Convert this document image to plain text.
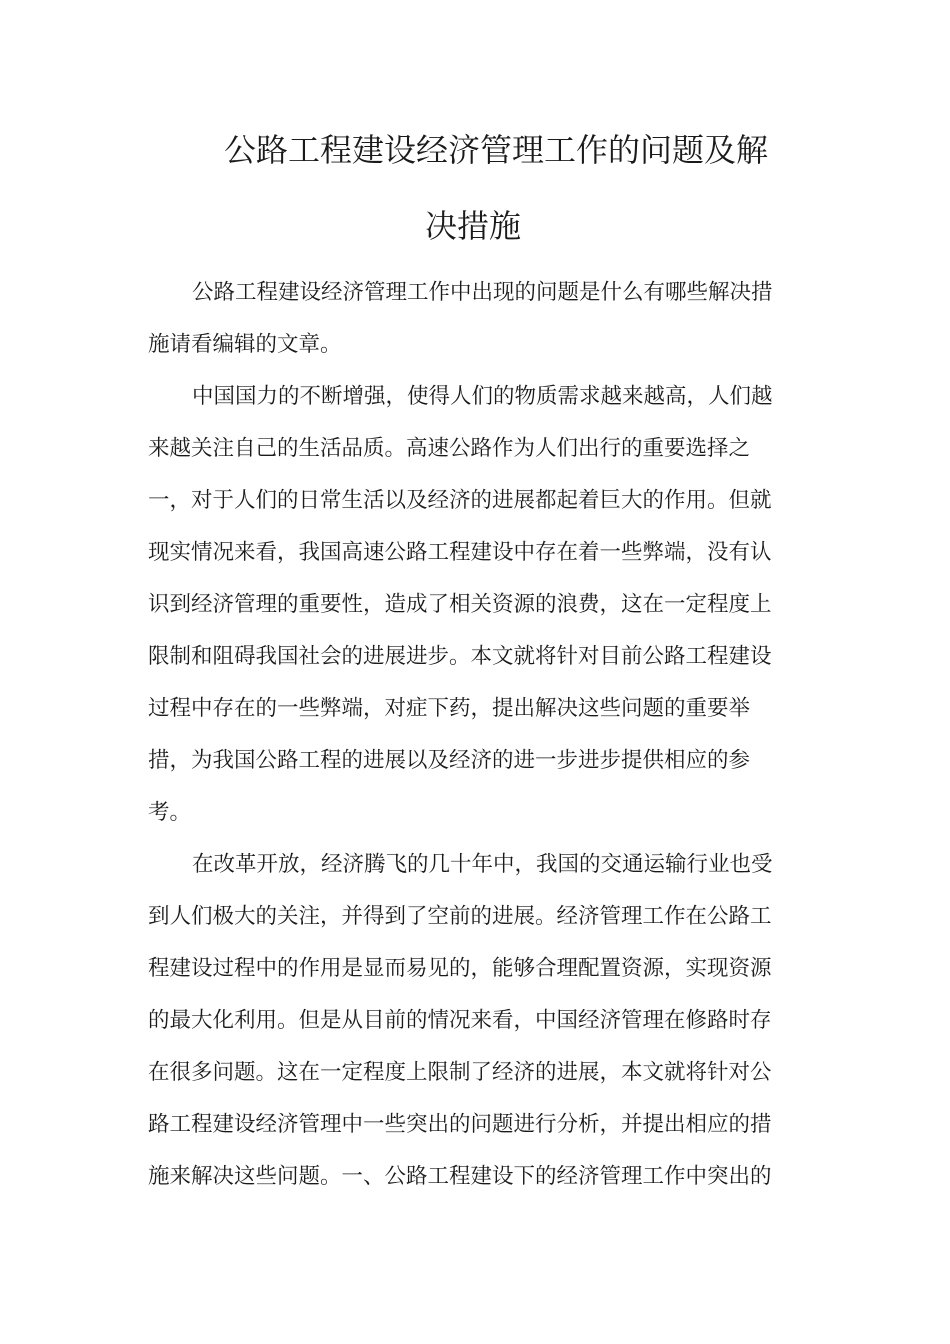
公路工程建设经济管理工作的问题及解
决措施

公路工程建设经济管理工作中出现的问题是什么有哪些解决措
施请看编辑的文章。

中国国力的不断增强，使得人们的物质需求越来越高，人们越
来越关注自己的生活品质。高速公路作为人们出行的重要选择之
一，对于人们的日常生活以及经济的进展都起着巨大的作用。但就
现实情况来看，我国高速公路工程建设中存在着一些弊端，没有认
识到经济管理的重要性，造成了相关资源的浪费，这在一定程度上
限制和阻碍我国社会的进展进步。本文就将针对目前公路工程建设
过程中存在的一些弊端，对症下药，提出解决这些问题的重要举
措，为我国公路工程的进展以及经济的进一步进步提供相应的参
考。

在改革开放，经济腾飞的几十年中，我国的交通运输行业也受
到人们极大的关注，并得到了空前的进展。经济管理工作在公路工
程建设过程中的作用是显而易见的，能够合理配置资源，实现资源
的最大化利用。但是从目前的情况来看，中国经济管理在修路时存
在很多问题。这在一定程度上限制了经济的进展，本文就将针对公
路工程建设经济管理中一些突出的问题进行分析，并提出相应的措
施来解决这些问题。一、公路工程建设下的经济管理工作中突出的
